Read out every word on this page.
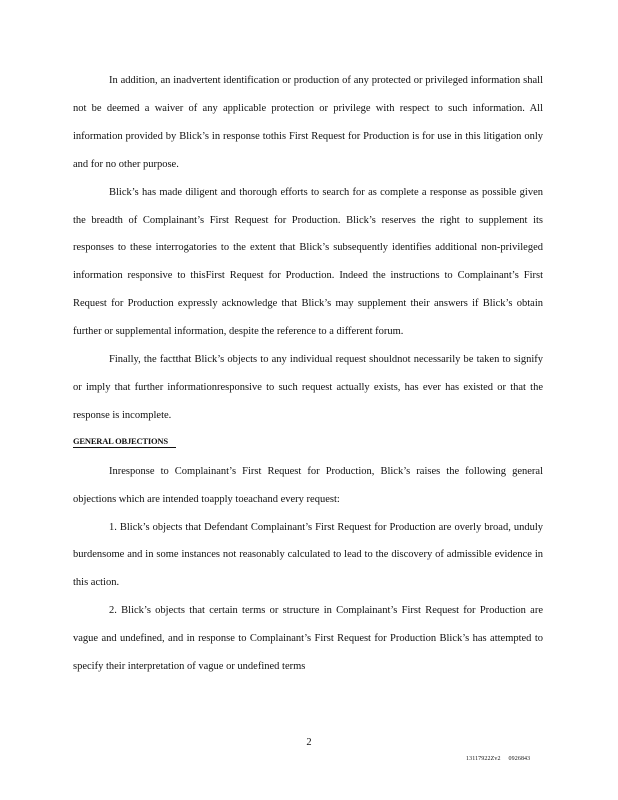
In addition, an inadvertent identification or production of any protected or privileged information shall not be deemed a waiver of any applicable protection or privilege with respect to such information. All information provided by Blick’s in response tothis First Request for Production is for use in this litigation only and for no other purpose.

Blick’s has made diligent and thorough efforts to search for as complete a response as possible given the breadth of Complainant’s First Request for Production. Blick’s reserves the right to supplement its responses to these interrogatories to the extent that Blick’s subsequently identifies additional non-privileged information responsive to thisFirst Request for Production. Indeed the instructions to Complainant’s First Request for Production expressly acknowledge that Blick’s may supplement their answers if Blick’s obtain further or supplemental information, despite the reference to a different forum.

Finally, the factthat Blick’s objects to any individual request shouldnot necessarily be taken to signify or imply that further informationresponsive to such request actually exists, has ever has existed or that the response is incomplete.

GENERAL OBJECTIONS

Inresponse to Complainant’s First Request for Production, Blick’s raises the following general objections which are intended toapply toeachand every request:

1. Blick’s objects that Defendant Complainant’s First Request for Production are overly broad, unduly burdensome and in some instances not reasonably calculated to lead to the discovery of admissible evidence in this action.

2. Blick’s objects that certain terms or structure in Complainant’s First Request for Production are vague and undefined, and in response to Complainant’s First Request for Production Blick’s has attempted to specify their interpretation of vague or undefined terms

2
13117922Zv2     0926843
